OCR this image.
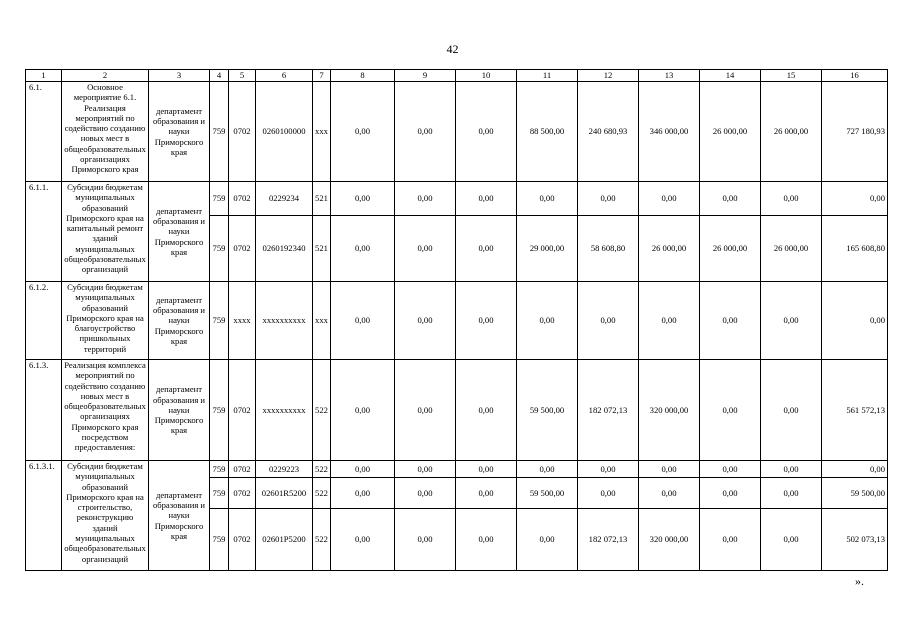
42
1	2	3	4	5	6	7	8	9	10	11	12	13	14	15	16
6.1.	Основное мероприятие 6.1. Реализация мероприятий по содействию созданию новых мест в общеобразовательных организациях Приморского края	департамент образования и науки Приморского края	759	0702	0260100000	ххх	0,00	0,00	0,00	88 500,00	240 680,93	346 000,00	26 000,00	26 000,00	727 180,93
6.1.1.	Субсидии бюджетам муниципальных образований Приморского края на капитальный ремонт зданий муниципальных общеобразовательных организаций	департамент образования и науки Приморского края	759	0702	0229234	521	0,00	0,00	0,00	0,00	0,00	0,00	0,00	0,00	0,00
			759	0702	0260192340	521	0,00	0,00	0,00	29 000,00	58 608,80	26 000,00	26 000,00	26 000,00	165 608,80
6.1.2.	Субсидии бюджетам муниципальных образований Приморского края на благоустройство пришкольных территорий	департамент образования и науки Приморского края	759	хххх	хххххххххх	ххх	0,00	0,00	0,00	0,00	0,00	0,00	0,00	0,00	0,00
6.1.3.	Реализация комплекса мероприятий по содействию созданию новых мест в общеобразовательных организациях Приморского края посредством предоставления:	департамент образования и науки Приморского края	759	0702	хххххххххх	522	0,00	0,00	0,00	59 500,00	182 072,13	320 000,00	0,00	0,00	561 572,13
6.1.3.1.	Субсидии бюджетам муниципальных образований Приморского края на строительство, реконструкцию зданий муниципальных общеобразовательных организаций	департамент образования и науки Приморского края	759	0702	0229223	522	0,00	0,00	0,00	0,00	0,00	0,00	0,00	0,00	0,00
			759	0702	02601R5200	522	0,00	0,00	0,00	59 500,00	0,00	0,00	0,00	0,00	59 500,00
			759	0702	02601P5200	522	0,00	0,00	0,00	0,00	182 072,13	320 000,00	0,00	0,00	502 073,13
».
